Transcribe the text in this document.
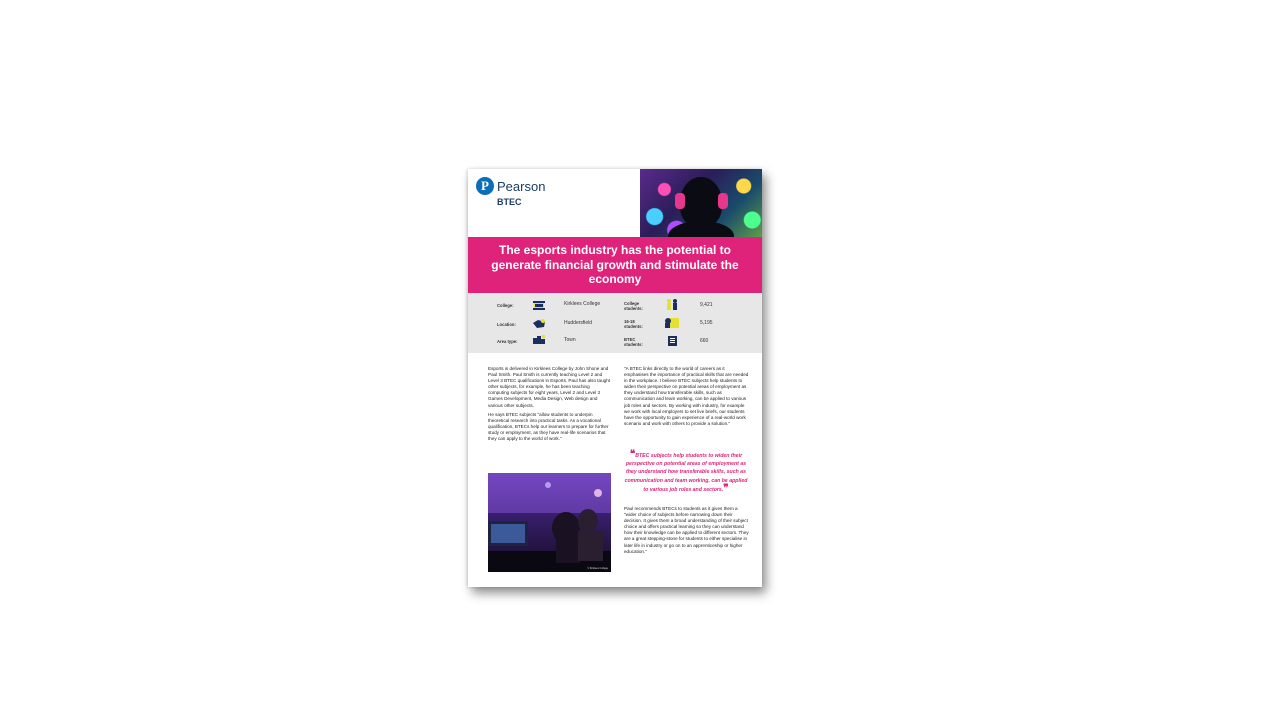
P Pearson
BTEC
The esports industry has the potential to generate financial growth and stimulate the economy
College:	Kirklees College
Location:	Huddersfield
Area type:	Town
College
students:
9,421
16-18
students:
5,195
BTEC
students:
660

Esports is delivered in Kirklees College by John Shone and Paul Smith. Paul Smith is currently teaching Level 2 and Level 3 BTEC qualifications in Esports. Paul has also taught other subjects, for example, he has been teaching computing subjects for eight years, Level 2 and Level 3 Games Development, Media Design, Web design and various other subjects.

He says BTEC subjects "allow students to underpin theoretical research into practical tasks. As a vocational qualification, BTECs help our learners to prepare for further study or employment, as they have real-life scenarios that they can apply to the world of work."

© Kirklees College

"A BTEC links directly to the world of careers as it emphasises the importance of practical skills that are needed in the workplace. I believe BTEC subjects help students to widen their perspective on potential areas of employment as they understand how transferable skills, such as communication and team working, can be applied to various job roles and sectors. By working with industry, for example we work with local employers to set live briefs, our students have the opportunity to gain experience of a real-world work scenario and work with others to provide a solution."

❝BTEC subjects help students to widen their perspective on potential areas of employment as they understand how transferable skills, such as communication and team working, can be applied to various job roles and sectors.❞

Paul recommends BTECs to students as it gives them a "wider choice of subjects before narrowing down their decision. It gives them a broad understanding of their subject choice and offers practical learning so they can understand how their knowledge can be applied to different sectors. They are a great stepping-stone for students to either specialise in later life in industry or go on to an apprenticeship or higher education."
